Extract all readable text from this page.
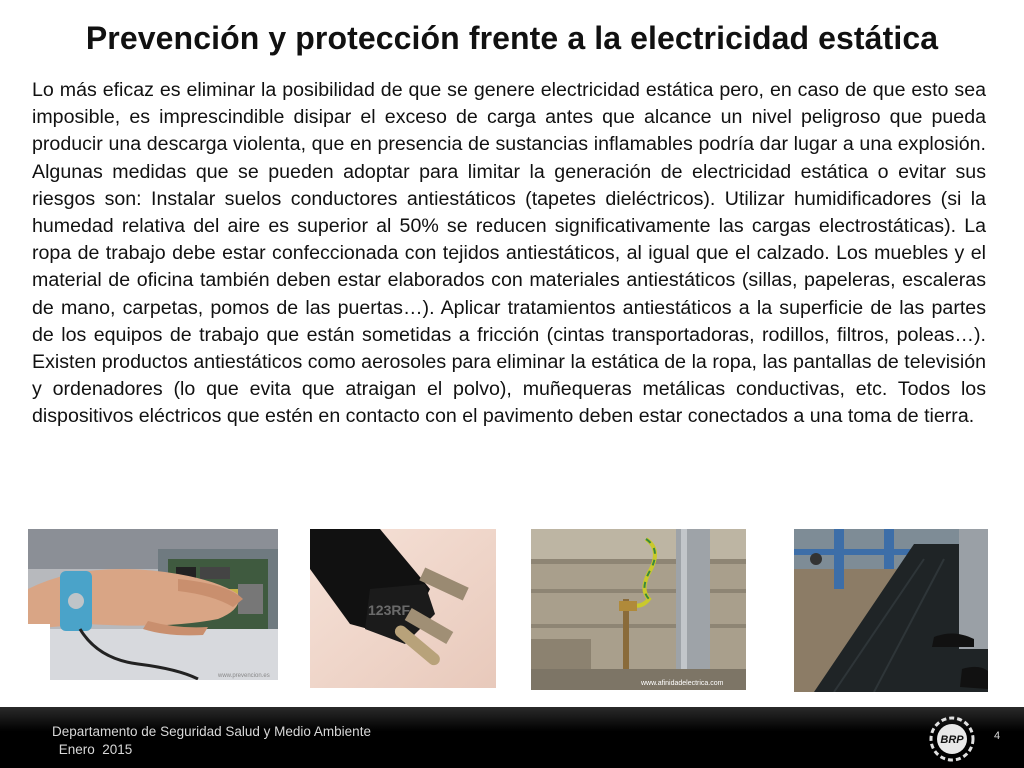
Prevención y protección frente a la electricidad estática

Lo más eficaz es eliminar la posibilidad de que se genere electricidad estática pero, en caso de que esto sea imposible, es imprescindible disipar el exceso de carga antes que alcance un nivel peligroso que pueda producir una descarga violenta, que en presencia de sustancias inflamables podría dar lugar a una explosión. Algunas medidas que se pueden adoptar para limitar la generación de electricidad estática o evitar sus riesgos son: Instalar suelos conductores antiestáticos (tapetes dieléctricos). Utilizar humidificadores (si la humedad relativa del aire es superior al 50% se reducen significativamente las cargas electrostáticas). La ropa de trabajo debe estar confeccionada con tejidos antiestáticos, al igual que el calzado. Los muebles y el material de oficina también deben estar elaborados con materiales antiestáticos (sillas, papeleras, escaleras de mano, carpetas, pomos de las puertas…). Aplicar tratamientos antiestáticos a la superficie de las partes de los equipos de trabajo que están sometidas a fricción (cintas transportadoras, rodillos, filtros, poleas…). Existen productos antiestáticos como aerosoles para eliminar la estática de la ropa, las pantallas de televisión y ordenadores (lo que evita que atraigan el polvo), muñequeras metálicas conductivas, etc. Todos los dispositivos eléctricos que estén en contacto con el pavimento deben estar conectados a una toma de tierra.

www.prevencion.es
123RF
www.afinidadelectrica.com
Departamento de Seguridad Salud y Medio Ambiente
Enero  2015
BRP	4
